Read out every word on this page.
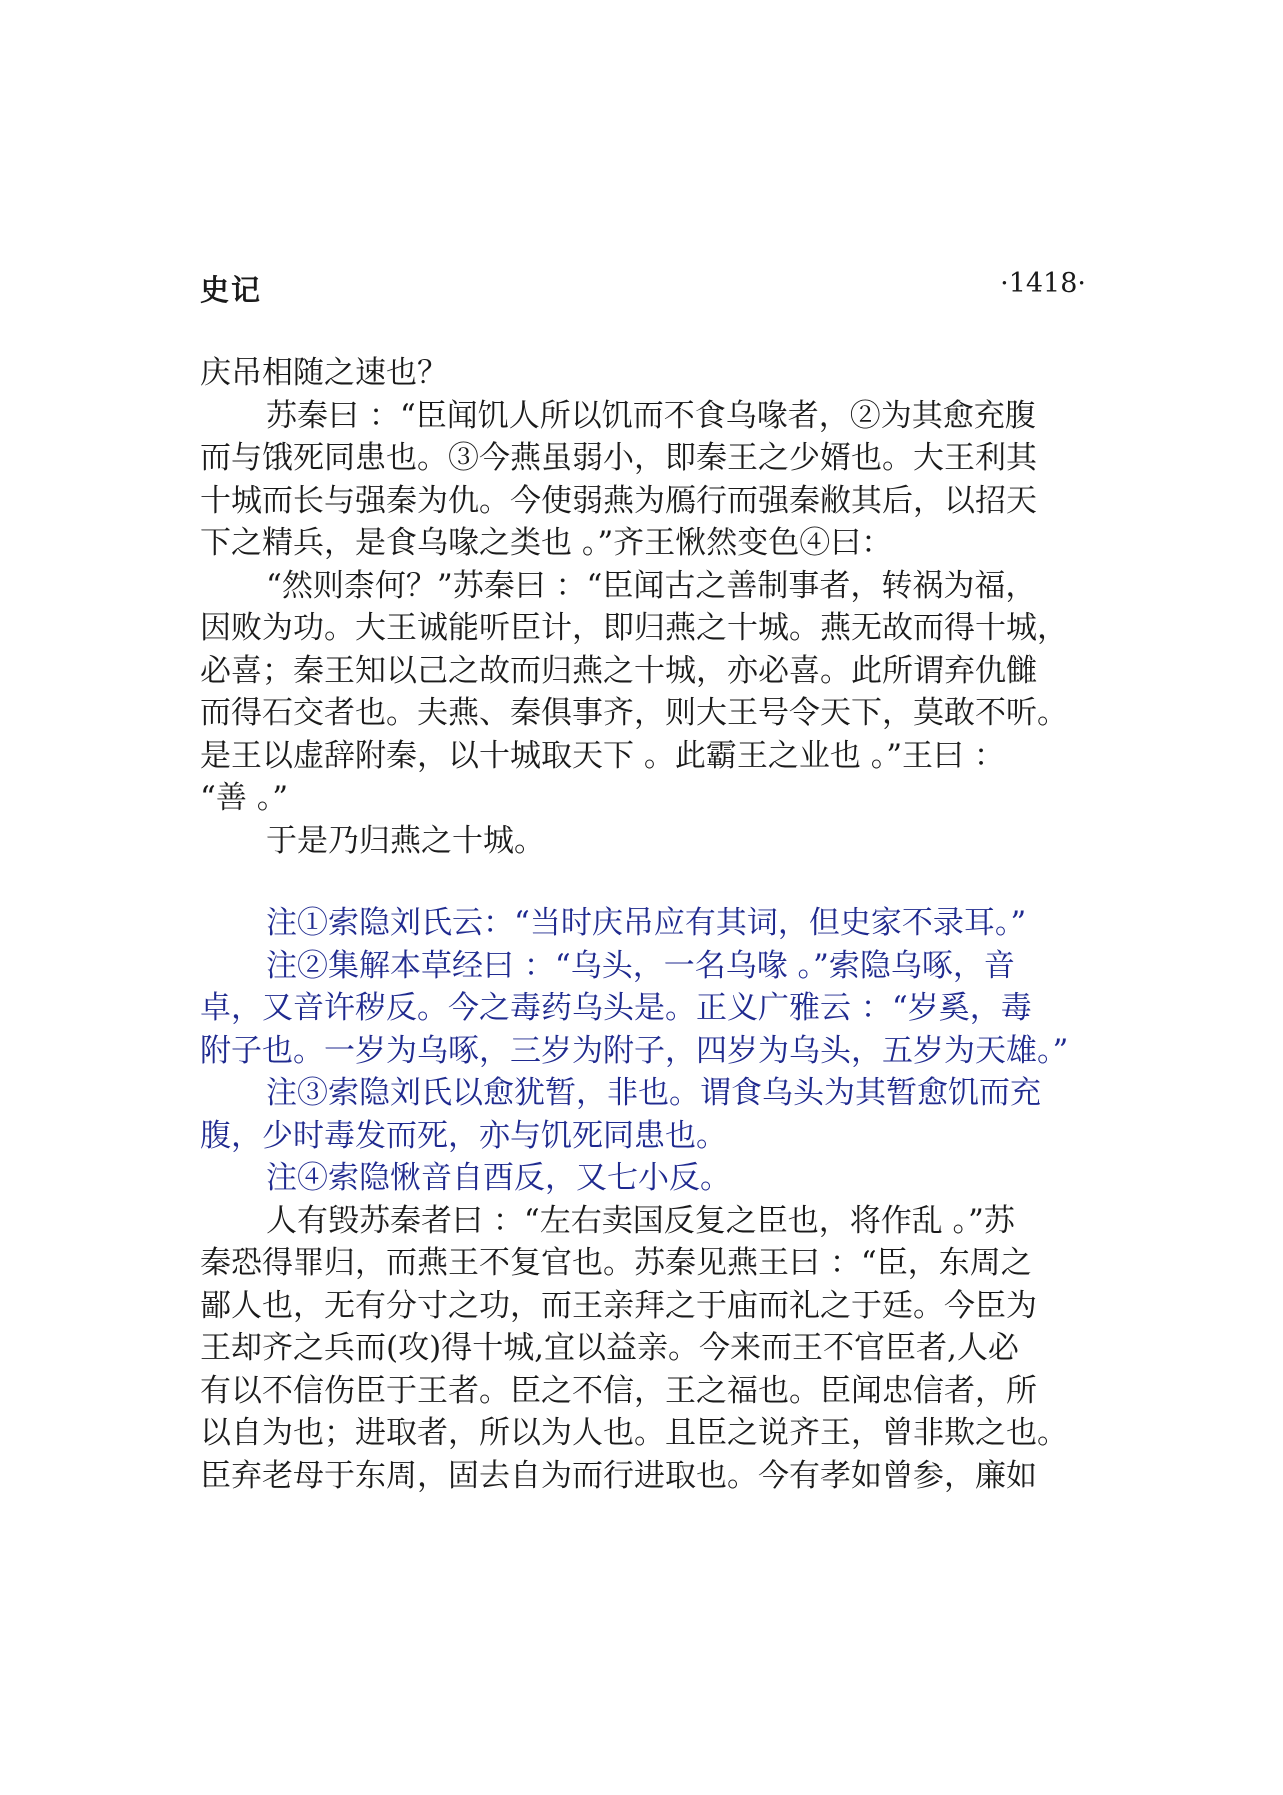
史记	·1418·
庆吊相随之速也？
苏秦曰 ：“臣闻饥人所以饥而不食乌喙者，②为其愈充腹
而与饿死同患也。③今燕虽弱小，即秦王之少婿也。大王利其
十城而长与强秦为仇。今使弱燕为鴈行而强秦敝其后，以招天
下之精兵，是食乌喙之类也 。”齐王愀然变色④曰：
“然则柰何？”苏秦曰 ：“臣闻古之善制事者，转祸为福，
因败为功。大王诚能听臣计，即归燕之十城。燕无故而得十城，
必喜；秦王知以己之故而归燕之十城，亦必喜。此所谓弃仇雠
而得石交者也。夫燕、秦俱事齐，则大王号令天下，莫敢不听。
是王以虚辞附秦，以十城取天下 。此霸王之业也 。”王曰 ：
“善 。”
于是乃归燕之十城。
注①索隐刘氏云：“当时庆吊应有其词，但史家不录耳。”
注②集解本草经曰 ：“乌头，一名乌喙 。”索隐乌啄，音
卓，又音许秽反。今之毒药乌头是。正义广雅云 ：“岁奚，毒
附子也。一岁为乌啄，三岁为附子，四岁为乌头，五岁为天雄。”
注③索隐刘氏以愈犹暂，非也。谓食乌头为其暂愈饥而充
腹，少时毒发而死，亦与饥死同患也。
注④索隐愀音自酉反，又七小反。
人有毁苏秦者曰 ：“左右卖国反复之臣也，将作乱 。”苏
秦恐得罪归，而燕王不复官也。苏秦见燕王曰 ：“臣，东周之
鄙人也，无有分寸之功，而王亲拜之于庙而礼之于廷。今臣为
王却齐之兵而(攻)得十城,宜以益亲。今来而王不官臣者,人必
有以不信伤臣于王者。臣之不信，王之福也。臣闻忠信者，所
以自为也；进取者，所以为人也。且臣之说齐王，曾非欺之也。
臣弃老母于东周，固去自为而行进取也。今有孝如曾参，廉如
